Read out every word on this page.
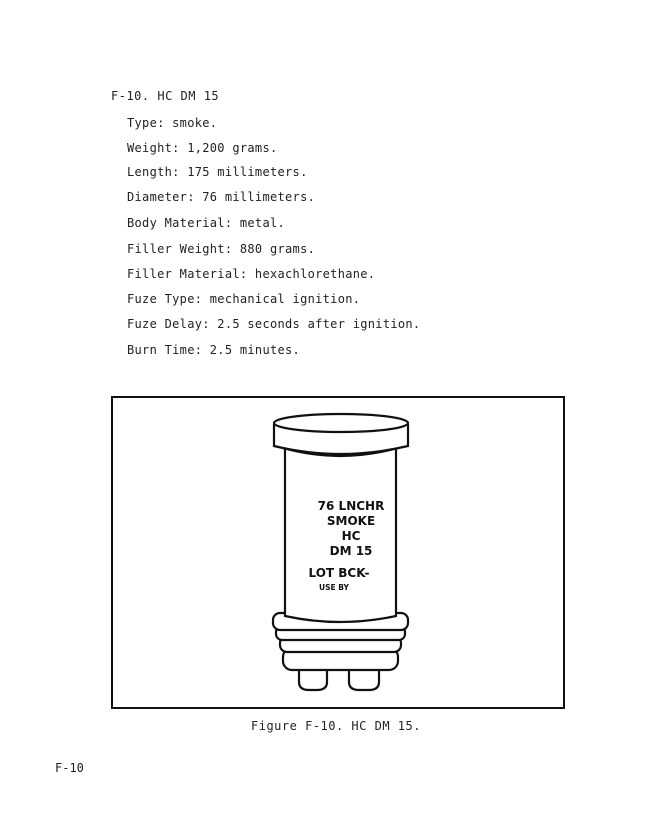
F-10. HC DM 15
Type: smoke.
Weight: 1,200 grams.
Length: 175 millimeters.
Diameter: 76 millimeters.
Body Material: metal.
Filler Weight: 880 grams.
Filler Material: hexachlorethane.
Fuze Type: mechanical ignition.
Fuze Delay: 2.5 seconds after ignition.
Burn Time: 2.5 minutes.
76 LNCHR
SMOKE
HC
DM 15
LOT BCK-
USE BY
Figure F-10. HC DM 15.
F-10
